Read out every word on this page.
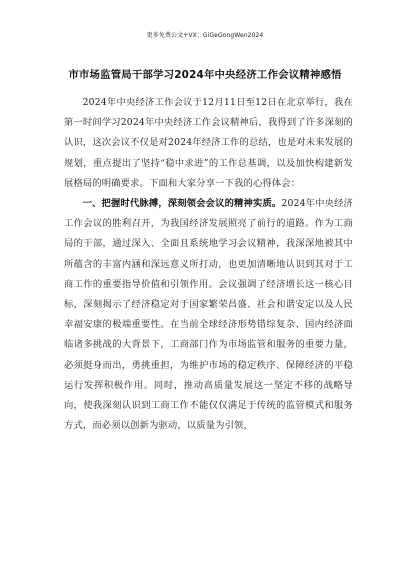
更多免费公文+VX：GiGeGongWen2024
市市场监管局干部学习2024年中央经济工作会议精神感悟

2024年中央经济工作会议于12月11日至12日在北京举行，我在第一时间学习2024年中央经济工作会议精神后，我得到了许多深刻的认识，这次会议不仅是对2024年经济工作的总结，也是对未来发展的规划，重点提出了坚持“稳中求进”的工作总基调，以及加快构建新发展格局的明确要求。下面和大家分享一下我的心得体会：

一、把握时代脉搏，深刻领会会议的精神实质。2024年中央经济工作会议的胜利召开，为我国经济发展照亮了前行的道路。作为工商局的干部，通过深入、全面且系统地学习会议精神，我深深地被其中所蕴含的丰富内涵和深远意义所打动，也更加清晰地认识到其对于工商工作的重要指导价值和引领作用。会议强调了经济增长这一核心目标，深刻揭示了经济稳定对于国家繁荣昌盛、社会和谐安定以及人民幸福安康的极端重要性。在当前全球经济形势错综复杂、国内经济面临诸多挑战的大背景下，工商部门作为市场监管和服务的重要力量，必须挺身而出，勇挑重担，为维护市场的稳定秩序、保障经济的平稳运行发挥积极作用。同时，推动高质量发展这一坚定不移的战略导向，使我深刻认识到工商工作不能仅仅满足于传统的监管模式和服务方式，而必须以创新为驱动，以质量为引领，
